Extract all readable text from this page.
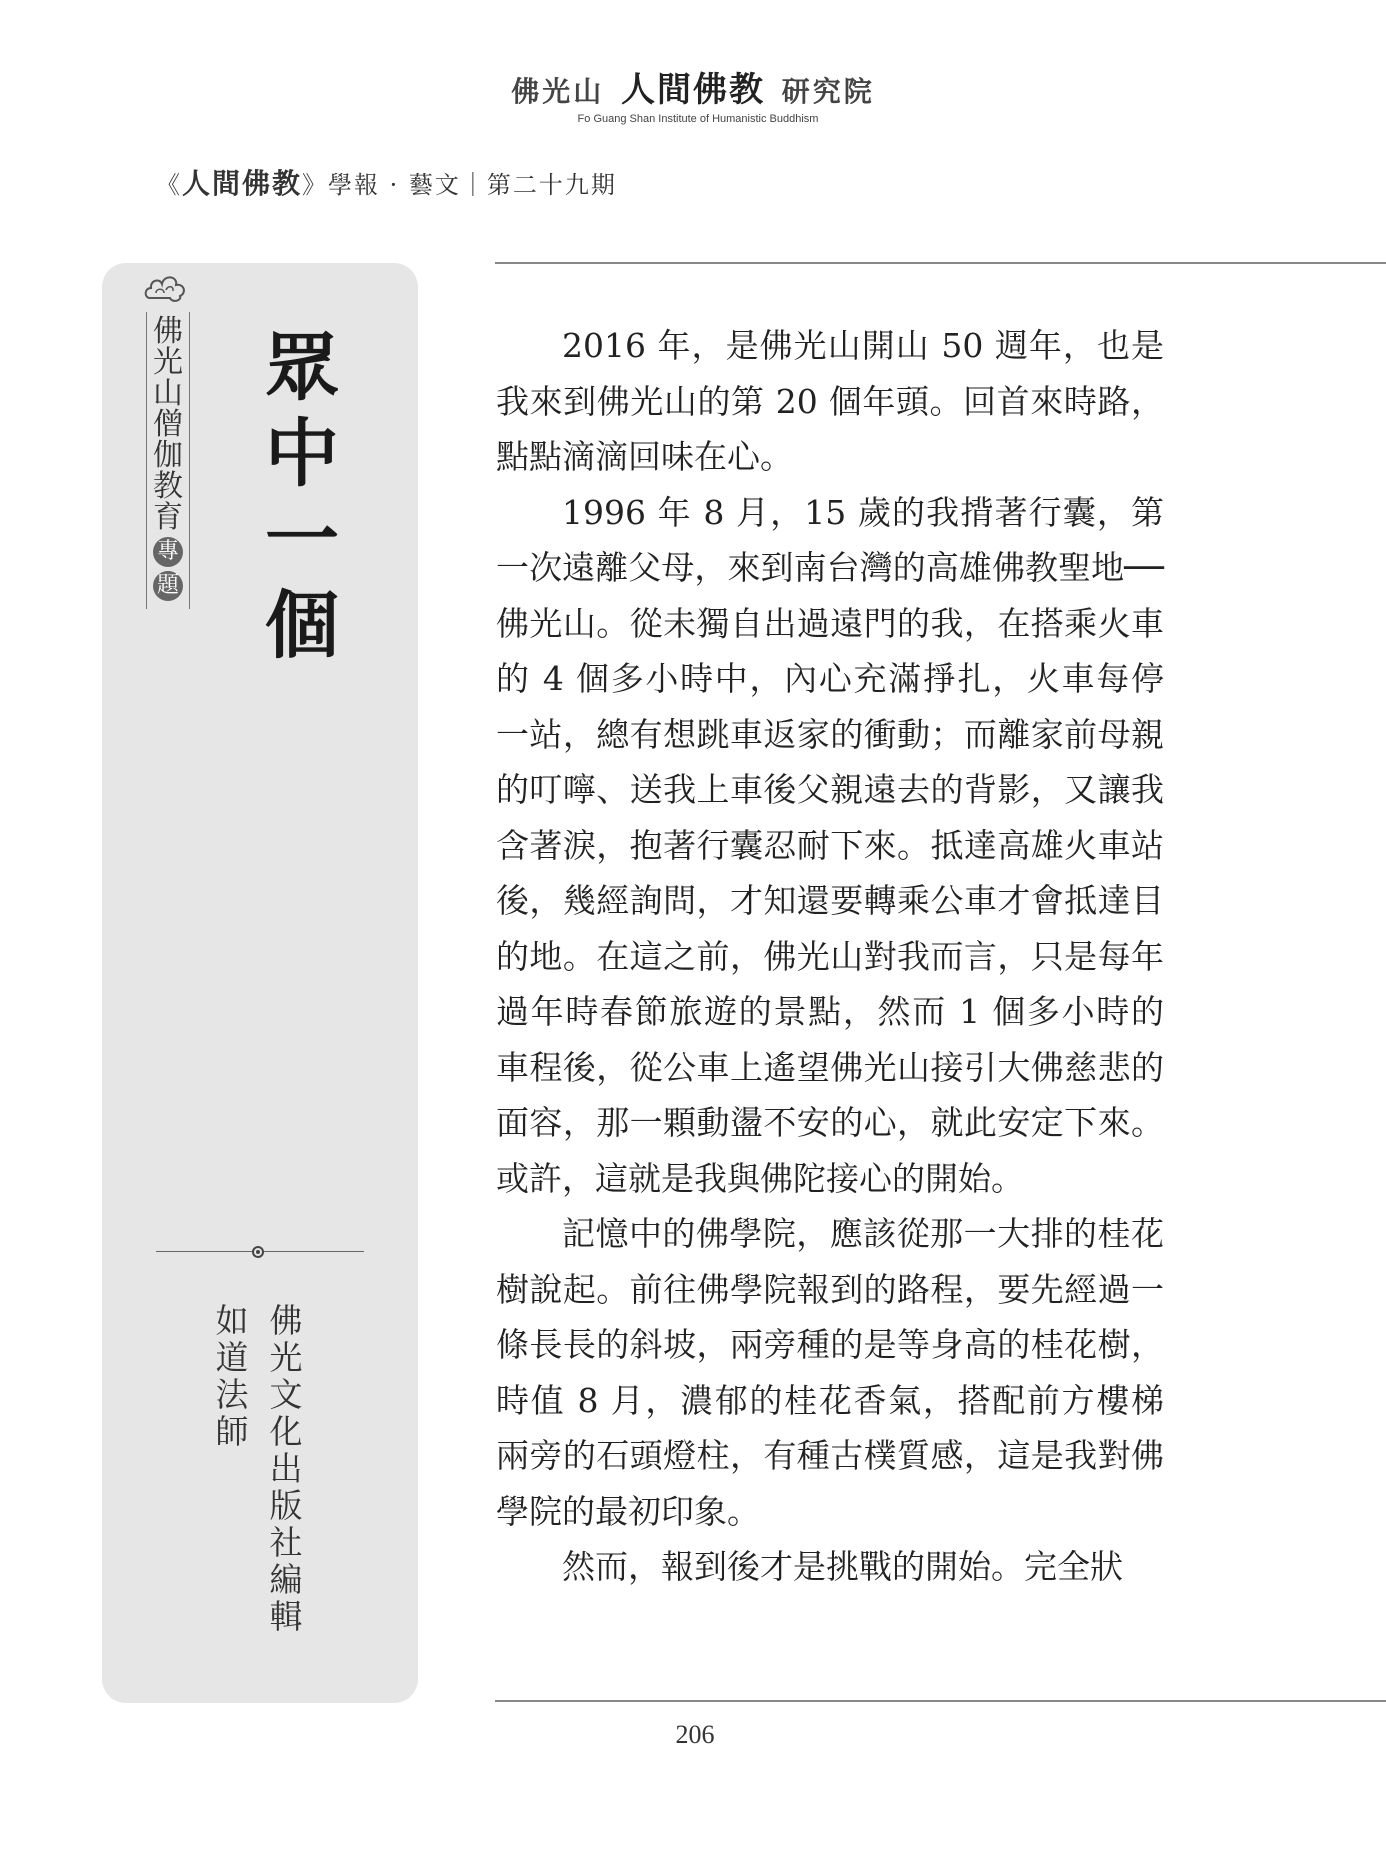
佛光山 人間佛教 研究院
Fo Guang Shan Institute of Humanistic Buddhism
《人間佛教》學報 · 藝文｜第二十九期
佛
光
山
僧
伽
教
育
專
題
眾
中
一
個
佛
光
文
化
出
版
社
編
輯
如
道
法
師

2016 年，是佛光山開山 50 週年，也是我來到佛光山的第 20 個年頭。回首來時路，點點滴滴回味在心。

1996 年 8 月，15 歲的我揹著行囊，第一次遠離父母，來到南台灣的高雄佛教聖地──佛光山。從未獨自出過遠門的我，在搭乘火車的 4 個多小時中，內心充滿掙扎，火車每停一站，總有想跳車返家的衝動；而離家前母親的叮嚀、送我上車後父親遠去的背影，又讓我含著淚，抱著行囊忍耐下來。抵達高雄火車站後，幾經詢問，才知還要轉乘公車才會抵達目的地。在這之前，佛光山對我而言，只是每年過年時春節旅遊的景點，然而 1 個多小時的車程後，從公車上遙望佛光山接引大佛慈悲的面容，那一顆動盪不安的心，就此安定下來。或許，這就是我與佛陀接心的開始。

記憶中的佛學院，應該從那一大排的桂花樹說起。前往佛學院報到的路程，要先經過一條長長的斜坡，兩旁種的是等身高的桂花樹，時值 8 月，濃郁的桂花香氣，搭配前方樓梯兩旁的石頭燈柱，有種古樸質感，這是我對佛學院的最初印象。

然而，報到後才是挑戰的開始。完全狀

206
